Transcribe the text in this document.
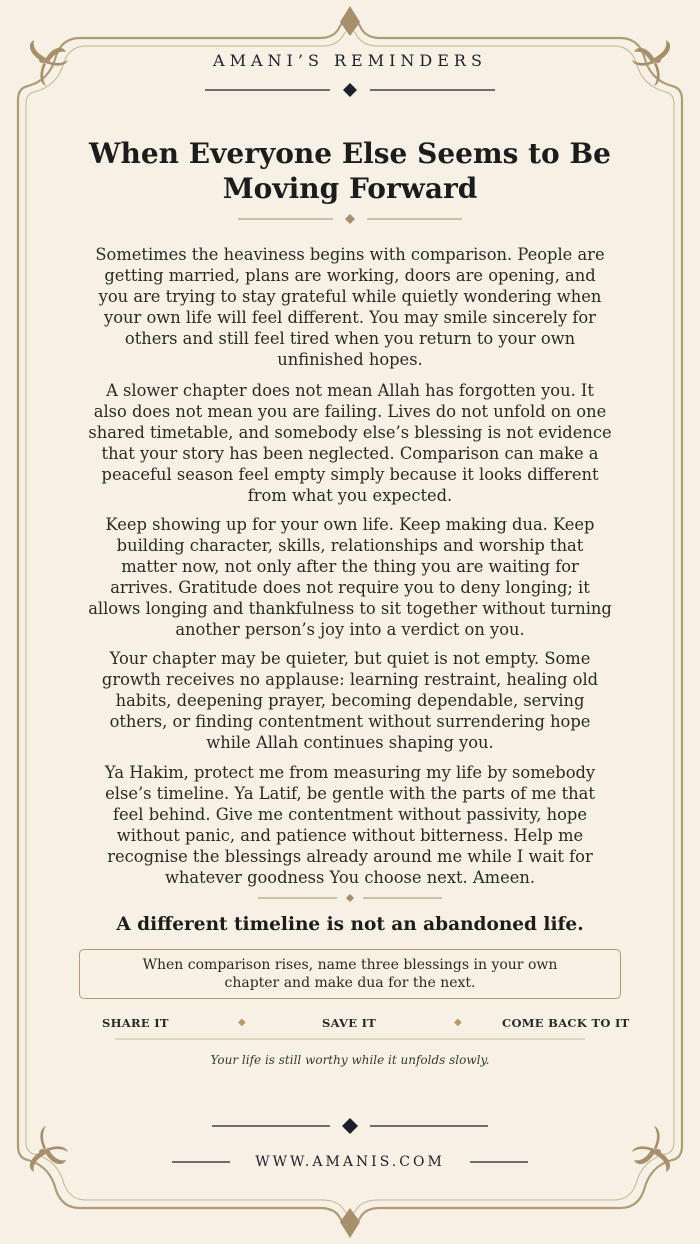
AMANI’S REMINDERS
When Everyone Else Seems to Be Moving Forward
Sometimes the heaviness begins with comparison. People are getting married, plans are working, doors are opening, and you are trying to stay grateful while quietly wondering when your own life will feel different. You may smile sincerely for others and still feel tired when you return to your own unfinished hopes.
A slower chapter does not mean Allah has forgotten you. It also does not mean you are failing. Lives do not unfold on one shared timetable, and somebody else’s blessing is not evidence that your story has been neglected. Comparison can make a peaceful season feel empty simply because it looks different from what you expected.
Keep showing up for your own life. Keep making dua. Keep building character, skills, relationships and worship that matter now, not only after the thing you are waiting for arrives. Gratitude does not require you to deny longing; it allows longing and thankfulness to sit together without turning another person’s joy into a verdict on you.
Your chapter may be quieter, but quiet is not empty. Some growth receives no applause: learning restraint, healing old habits, deepening prayer, becoming dependable, serving others, or finding contentment without surrendering hope while Allah continues shaping you.
Ya Hakim, protect me from measuring my life by somebody else’s timeline. Ya Latif, be gentle with the parts of me that feel behind. Give me contentment without passivity, hope without panic, and patience without bitterness. Help me recognise the blessings already around me while I wait for whatever goodness You choose next. Ameen.
A different timeline is not an abandoned life.
When comparison rises, name three blessings in your own chapter and make dua for the next.
SHARE IT	◆	SAVE IT	◆	COME BACK TO IT
Your life is still worthy while it unfolds slowly.
WWW.AMANIS.COM
